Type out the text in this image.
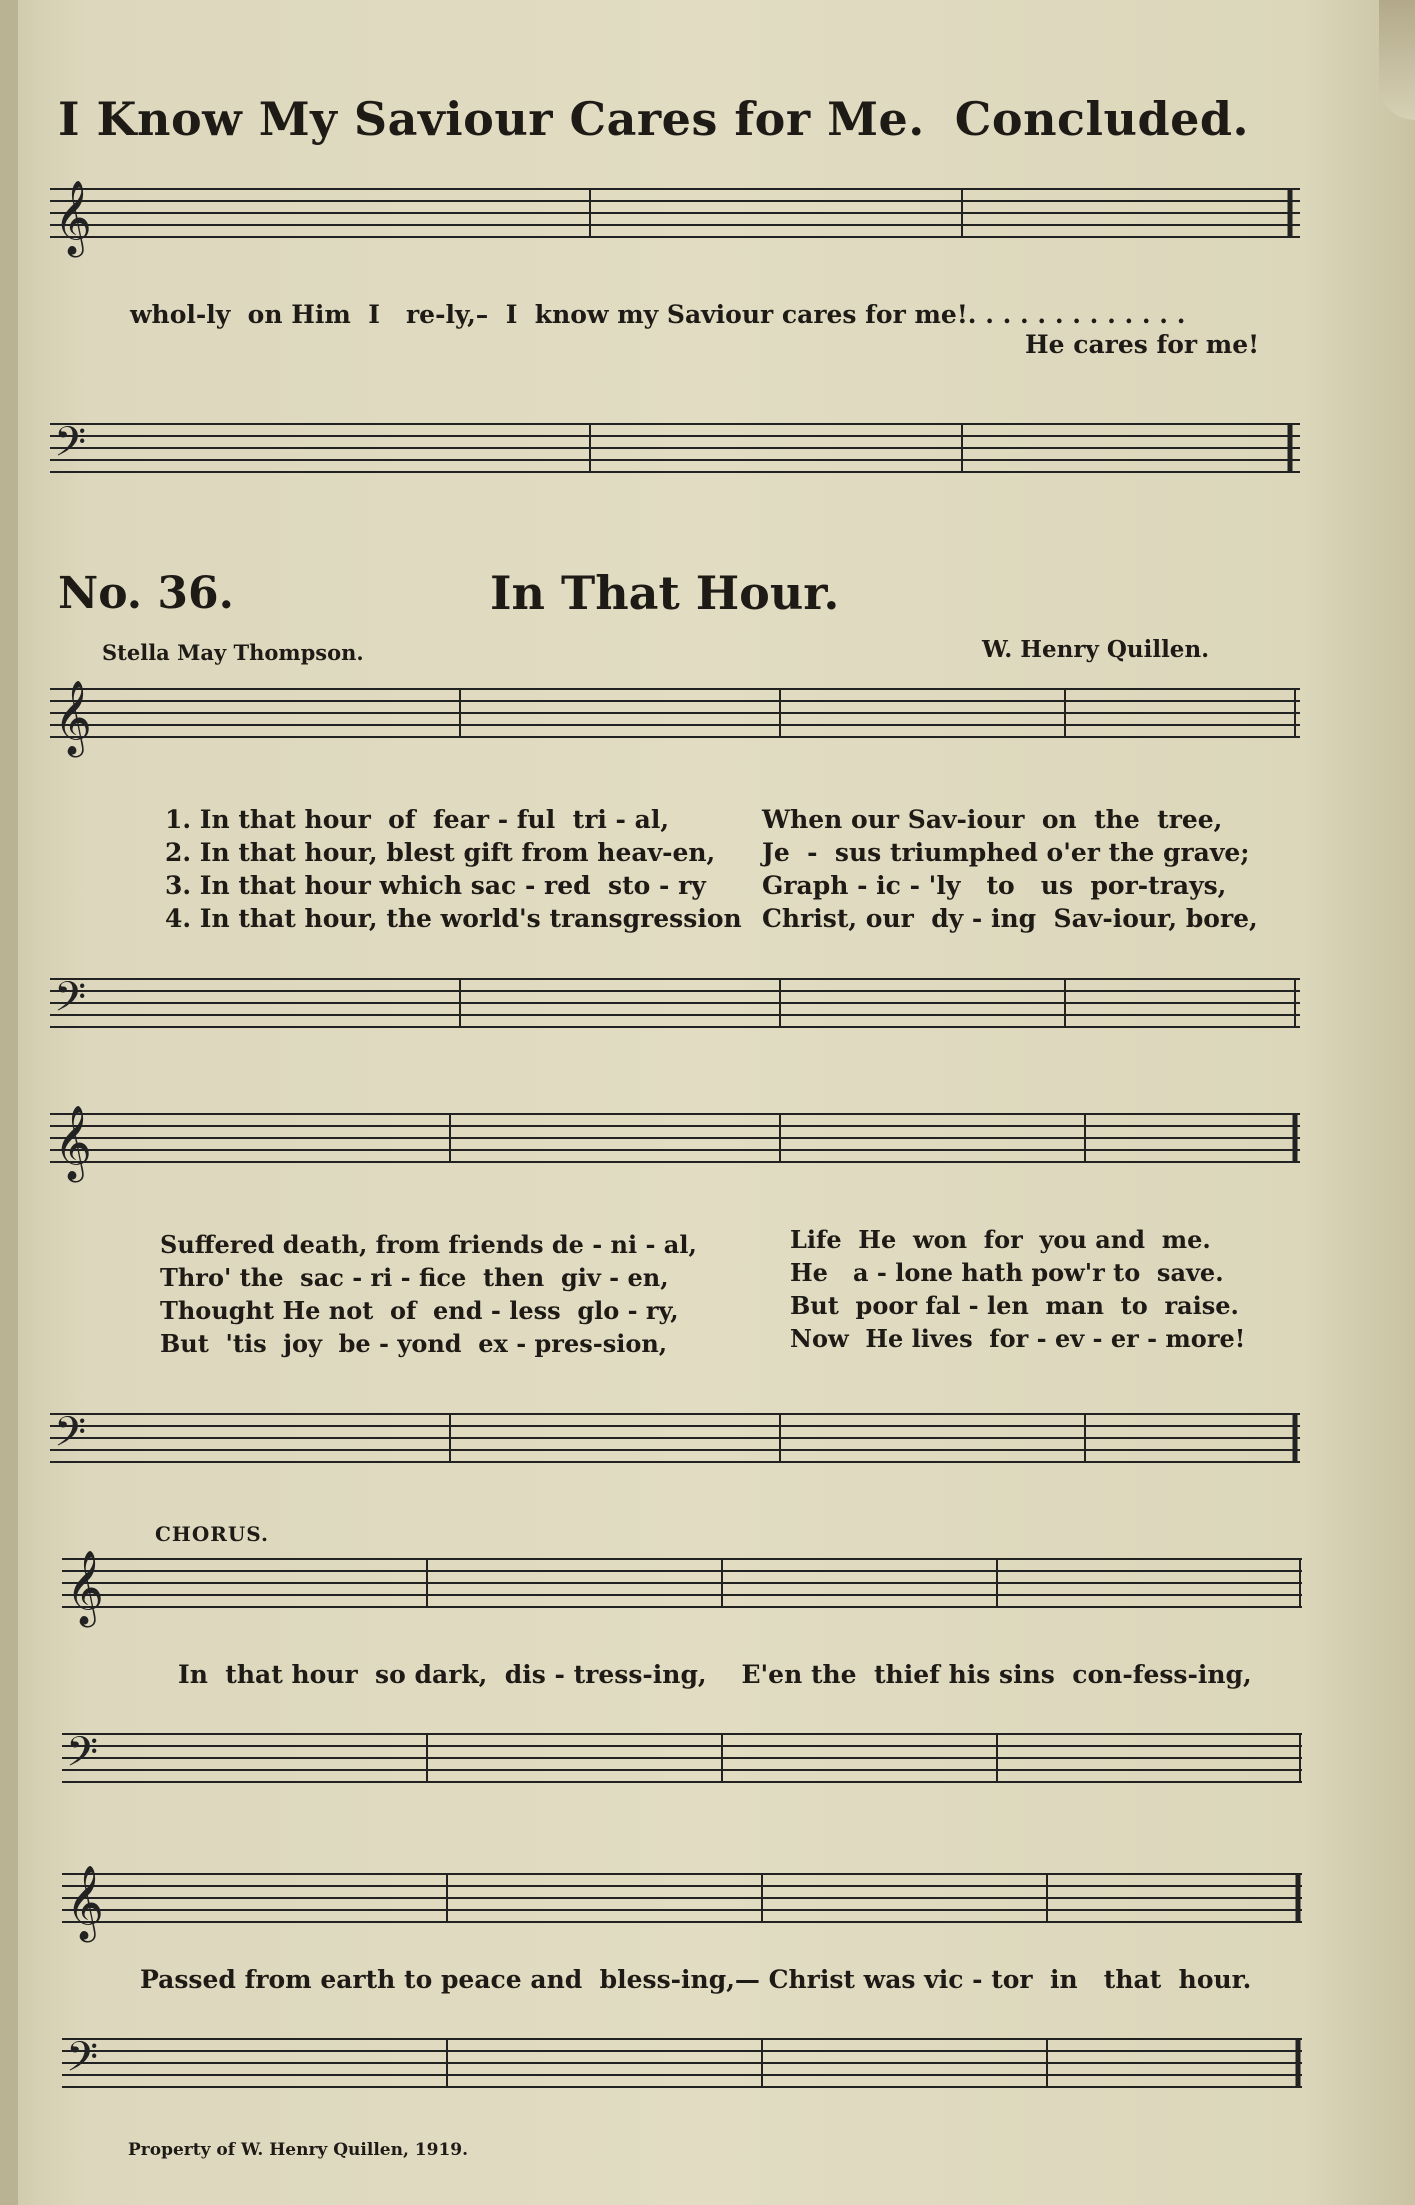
I Know My Saviour Cares for Me. Concluded.
𝄞
whol-ly  on Him  I   re-ly,–  I  know my Saviour cares for me!. . . . . . . . . . . . .
He cares for me!
𝄢
No. 36.	In That Hour.
Stella May Thompson.	W. Henry Quillen.
𝄞
1. In that hour  of  fear - ful  tri - al,
2. In that hour, blest gift from heav-en,
3. In that hour which sac - red  sto - ry
4. In that hour, the world's transgression
When our Sav-iour  on  the  tree,
Je  -  sus triumphed o'er the grave;
Graph - ic - 'ly   to   us  por-trays,
Christ, our  dy - ing  Sav-iour, bore,
𝄢
𝄞
Suffered death, from friends de - ni - al,
Thro' the  sac - ri - fice  then  giv - en,
Thought He not  of  end - less  glo - ry,
But  'tis  joy  be - yond  ex - pres-sion,
Life  He  won  for  you and  me.
He   a - lone hath pow'r to  save.
But  poor fal - len  man  to  raise.
Now  He lives  for - ev - er - more!
𝄢
CHORUS.
𝄞
In  that hour  so dark,  dis - tress-ing,    E'en the  thief his sins  con-fess-ing,
𝄢
𝄞
Passed from earth to peace and  bless-ing,— Christ was vic - tor  in   that  hour.
𝄢
Property of W. Henry Quillen, 1919.
